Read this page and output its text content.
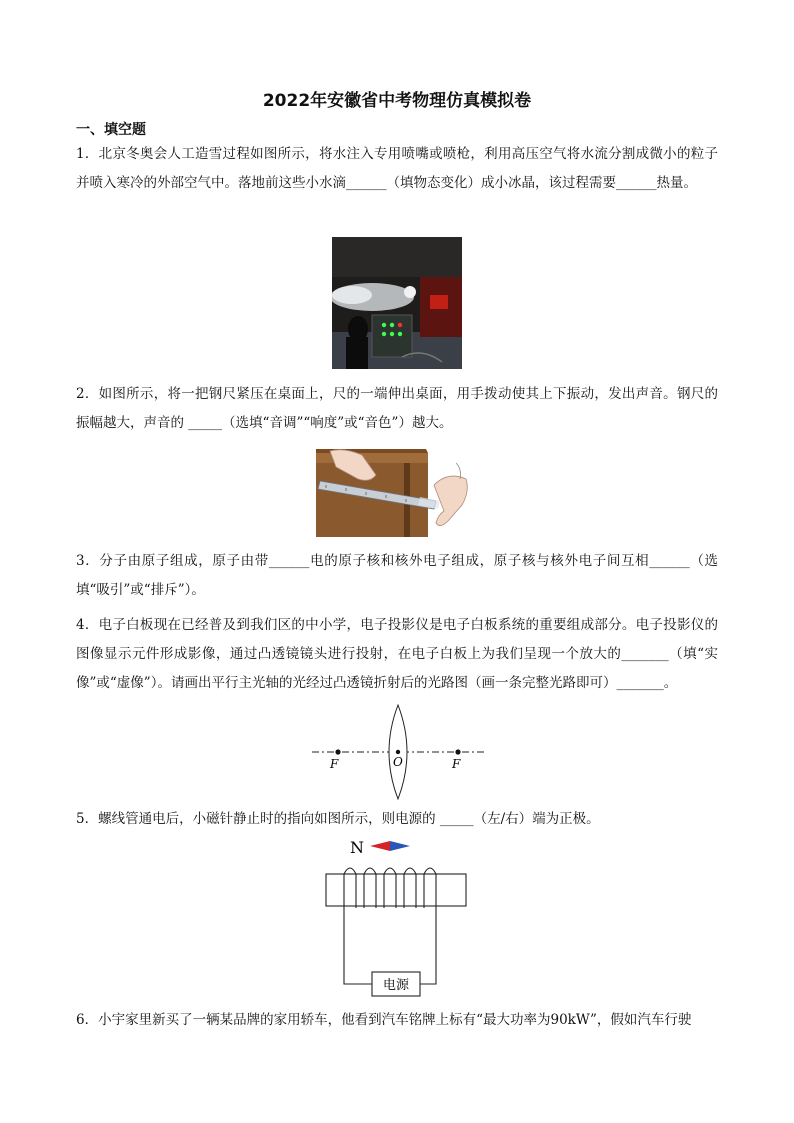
2022年安徽省中考物理仿真模拟卷
一、填空题
1．北京冬奥会人工造雪过程如图所示，将水注入专用喷嘴或喷枪，利用高压空气将水流分割成微小的粒子并喷入寒冷的外部空气中。落地前这些小水滴______（填物态变化）成小冰晶，该过程需要______热量。
2．如图所示，将一把钢尺紧压在桌面上，尺的一端伸出桌面，用手拨动使其上下振动，发出声音。钢尺的振幅越大，声音的 _____（选填“音调”“响度”或“音色”）越大。
3．分子由原子组成，原子由带______电的原子核和核外电子组成，原子核与核外电子间互相______（选填“吸引”或“排斥”）。
4．电子白板现在已经普及到我们区的中小学，电子投影仪是电子白板系统的重要组成部分。电子投影仪的图像显示元件形成影像，通过凸透镜镜头进行投射，在电子白板上为我们呈现一个放大的_______（填“实像”或“虚像”）。请画出平行主光轴的光经过凸透镜折射后的光路图（画一条完整光路即可）_______。
F	O	F
5．螺线管通电后，小磁针静止时的指向如图所示，则电源的 _____（左/右）端为正极。
N
电源
6．小宇家里新买了一辆某品牌的家用轿车，他看到汽车铭牌上标有“最大功率为90kW”，假如汽车行驶
